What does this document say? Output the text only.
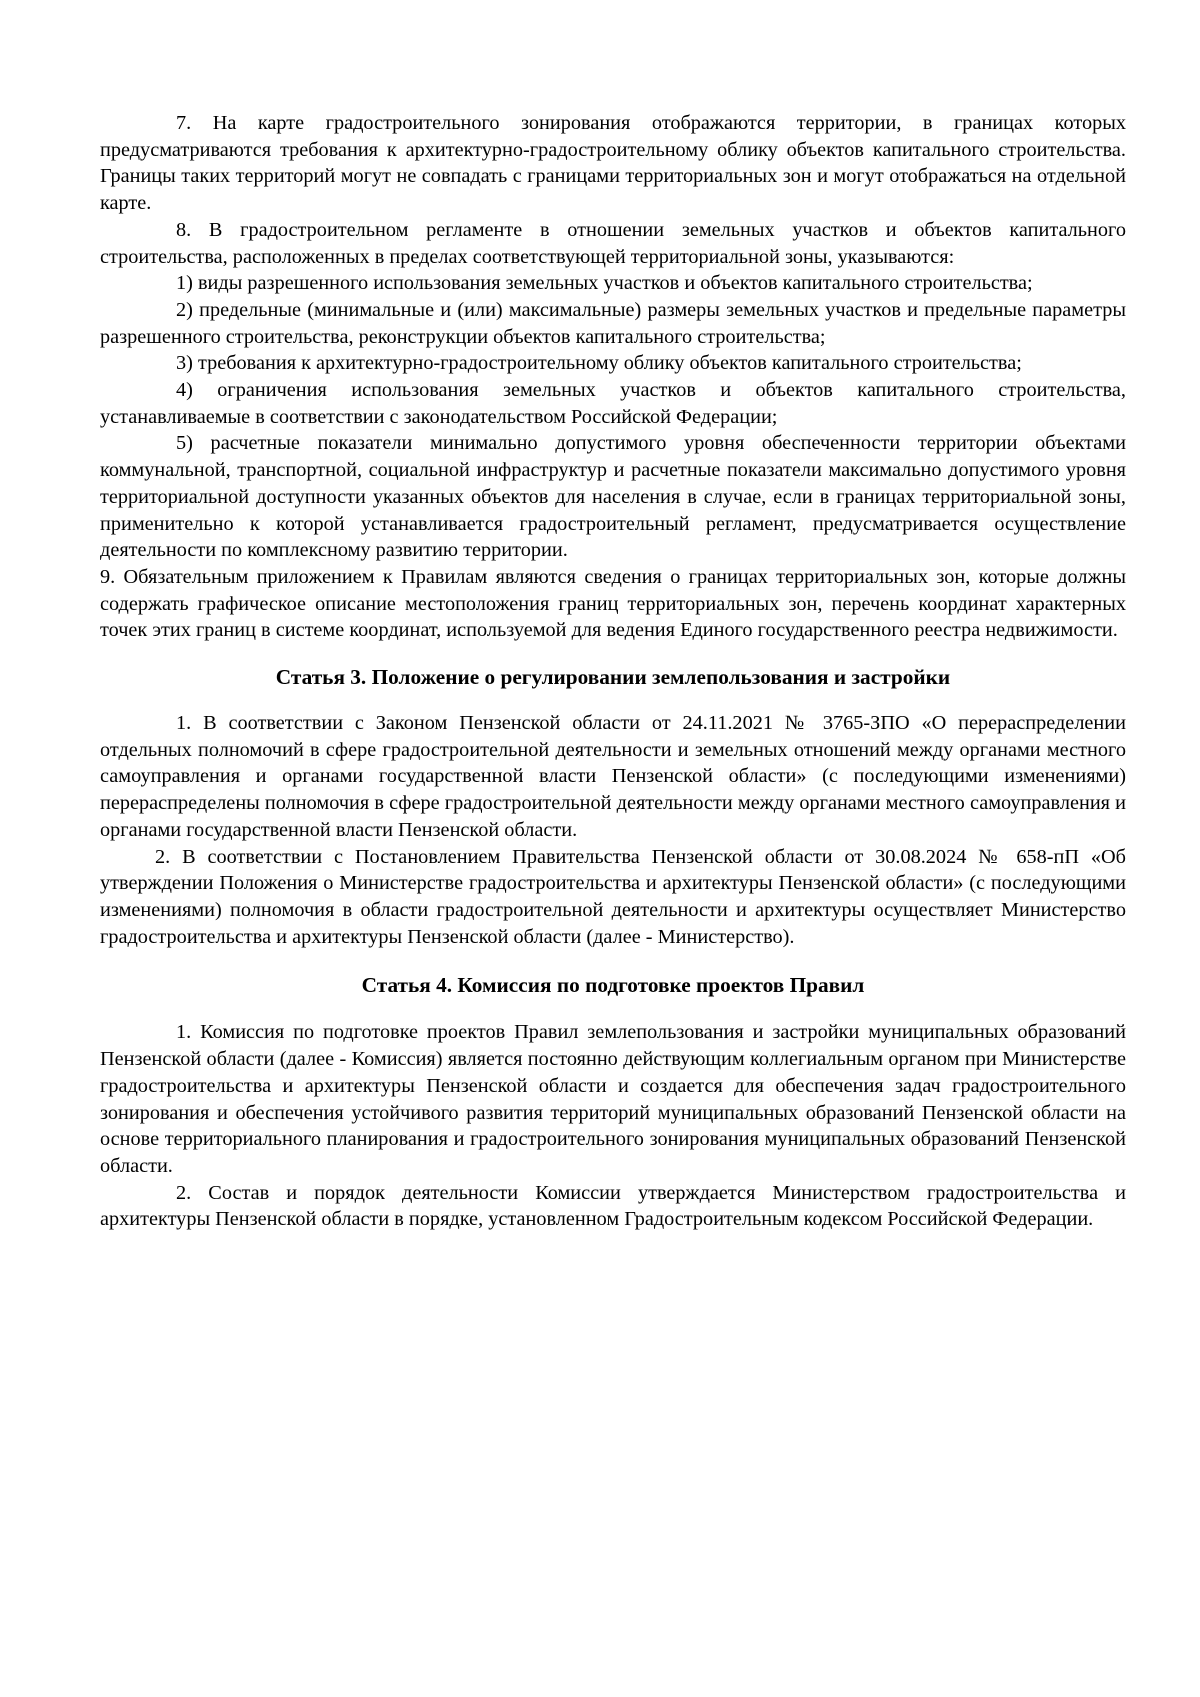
7. На карте градостроительного зонирования отображаются территории, в границах которых предусматриваются требования к архитектурно-градостроительному облику объектов капитального строительства. Границы таких территорий могут не совпадать с границами территориальных зон и могут отображаться на отдельной карте.

8. В градостроительном регламенте в отношении земельных участков и объектов капитального строительства, расположенных в пределах соответствующей территориальной зоны, указываются:

1) виды разрешенного использования земельных участков и объектов капитального строительства;

2) предельные (минимальные и (или) максимальные) размеры земельных участков и предельные параметры разрешенного строительства, реконструкции объектов капитального строительства;

3) требования к архитектурно-градостроительному облику объектов капитального строительства;

4) ограничения использования земельных участков и объектов капитального строительства, устанавливаемые в соответствии с законодательством Российской Федерации;

5) расчетные показатели минимально допустимого уровня обеспеченности территории объектами коммунальной, транспортной, социальной инфраструктур и расчетные показатели максимально допустимого уровня территориальной доступности указанных объектов для населения в случае, если в границах территориальной зоны, применительно к которой устанавливается градостроительный регламент, предусматривается осуществление деятельности по комплексному развитию территории.

9. Обязательным приложением к Правилам являются сведения о границах территориальных зон, которые должны содержать графическое описание местоположения границ территориальных зон, перечень координат характерных точек этих границ в системе координат, используемой для ведения Единого государственного реестра недвижимости.

Статья 3. Положение о регулировании землепользования и застройки

1. В соответствии с Законом Пензенской области от 24.11.2021 № 3765-ЗПО «О перераспределении отдельных полномочий в сфере градостроительной деятельности и земельных отношений между органами местного самоуправления и органами государственной власти Пензенской области» (с последующими изменениями) перераспределены полномочия в сфере градостроительной деятельности между органами местного самоуправления и органами государственной власти Пензенской области.

2. В соответствии с Постановлением Правительства Пензенской области от 30.08.2024 № 658-пП «Об утверждении Положения о Министерстве градостроительства и архитектуры Пензенской области» (с последующими изменениями) полномочия в области градостроительной деятельности и архитектуры осуществляет Министерство градостроительства и архитектуры Пензенской области (далее - Министерство).

Статья 4. Комиссия по подготовке проектов Правил

1. Комиссия по подготовке проектов Правил землепользования и застройки муниципальных образований Пензенской области (далее - Комиссия) является постоянно действующим коллегиальным органом при Министерстве градостроительства и архитектуры Пензенской области и создается для обеспечения задач градостроительного зонирования и обеспечения устойчивого развития территорий муниципальных образований Пензенской области на основе территориального планирования и градостроительного зонирования муниципальных образований Пензенской области.

2. Состав и порядок деятельности Комиссии утверждается Министерством градостроительства и архитектуры Пензенской области в порядке, установленном Градостроительным кодексом Российской Федерации.
